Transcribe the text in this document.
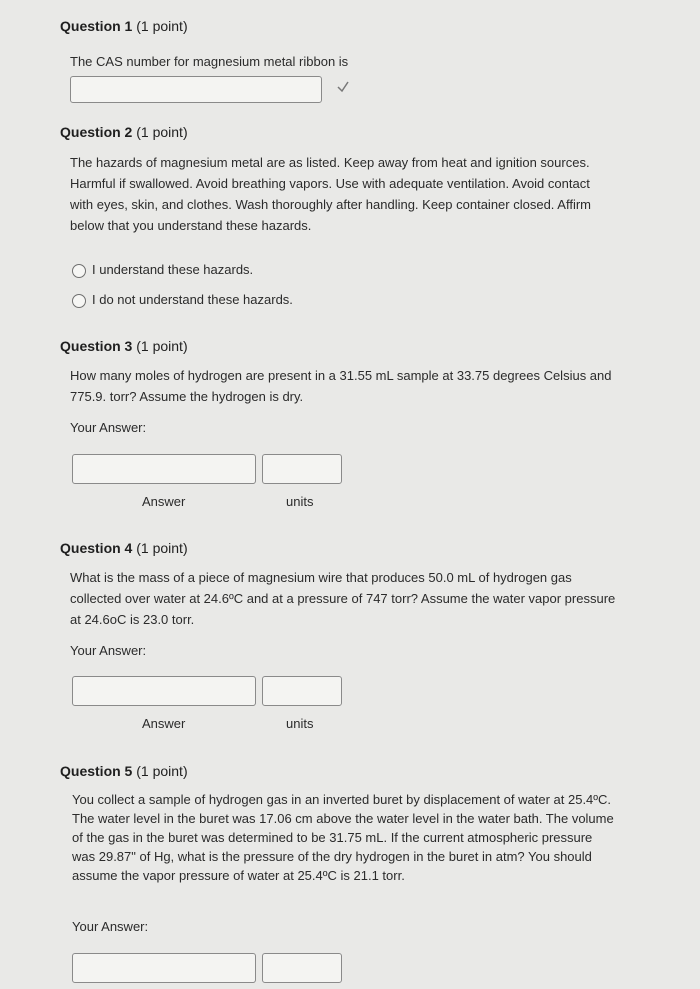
Question 1 (1 point)
The CAS number for magnesium metal ribbon is
Question 2 (1 point)
The hazards of magnesium metal are as listed. Keep away from heat and ignition sources. Harmful if swallowed. Avoid breathing vapors. Use with adequate ventilation. Avoid contact with eyes, skin, and clothes. Wash thoroughly after handling. Keep container closed. Affirm below that you understand these hazards.
I understand these hazards.
I do not understand these hazards.
Question 3 (1 point)
How many moles of hydrogen are present in a 31.55 mL sample at 33.75 degrees Celsius and 775.9. torr? Assume the hydrogen is dry.
Your Answer:
Answer	units
Question 4 (1 point)
What is the mass of a piece of magnesium wire that produces 50.0 mL of hydrogen gas collected over water at 24.6ºC and at a pressure of 747 torr? Assume the water vapor pressure at 24.6oC is 23.0 torr.
Your Answer:
Answer	units
Question 5 (1 point)
You collect a sample of hydrogen gas in an inverted buret by displacement of water at 25.4ºC. The water level in the buret was 17.06 cm above the water level in the water bath. The volume of the gas in the buret was determined to be 31.75 mL. If the current atmospheric pressure was 29.87" of Hg, what is the pressure of the dry hydrogen in the buret in atm? You should assume the vapor pressure of water at 25.4ºC is 21.1 torr.
Your Answer:
